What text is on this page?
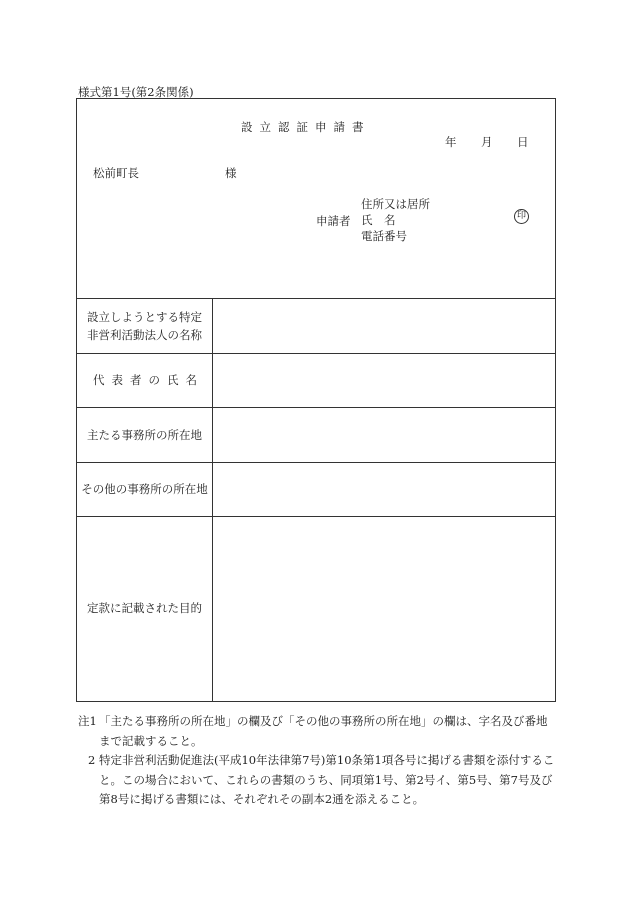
様式第1号(第2条関係)
設立認証申請書
年 月 日
松前町長	様
申請者
住所又は居所
氏　名
電話番号
印
設立しようとする特定
非営利活動法人の名称
代表者の氏名
主たる事務所の所在地
その他の事務所の所在地
定款に記載された目的
注1 「主たる事務所の所在地」の欄及び「その他の事務所の所在地」の欄は、字名及び番地まで記載すること。
2 特定非営利活動促進法(平成10年法律第7号)第10条第1項各号に掲げる書類を添付すること。この場合において、これらの書類のうち、同項第1号、第2号イ、第5号、第7号及び第8号に掲げる書類には、それぞれその副本2通を添えること。
